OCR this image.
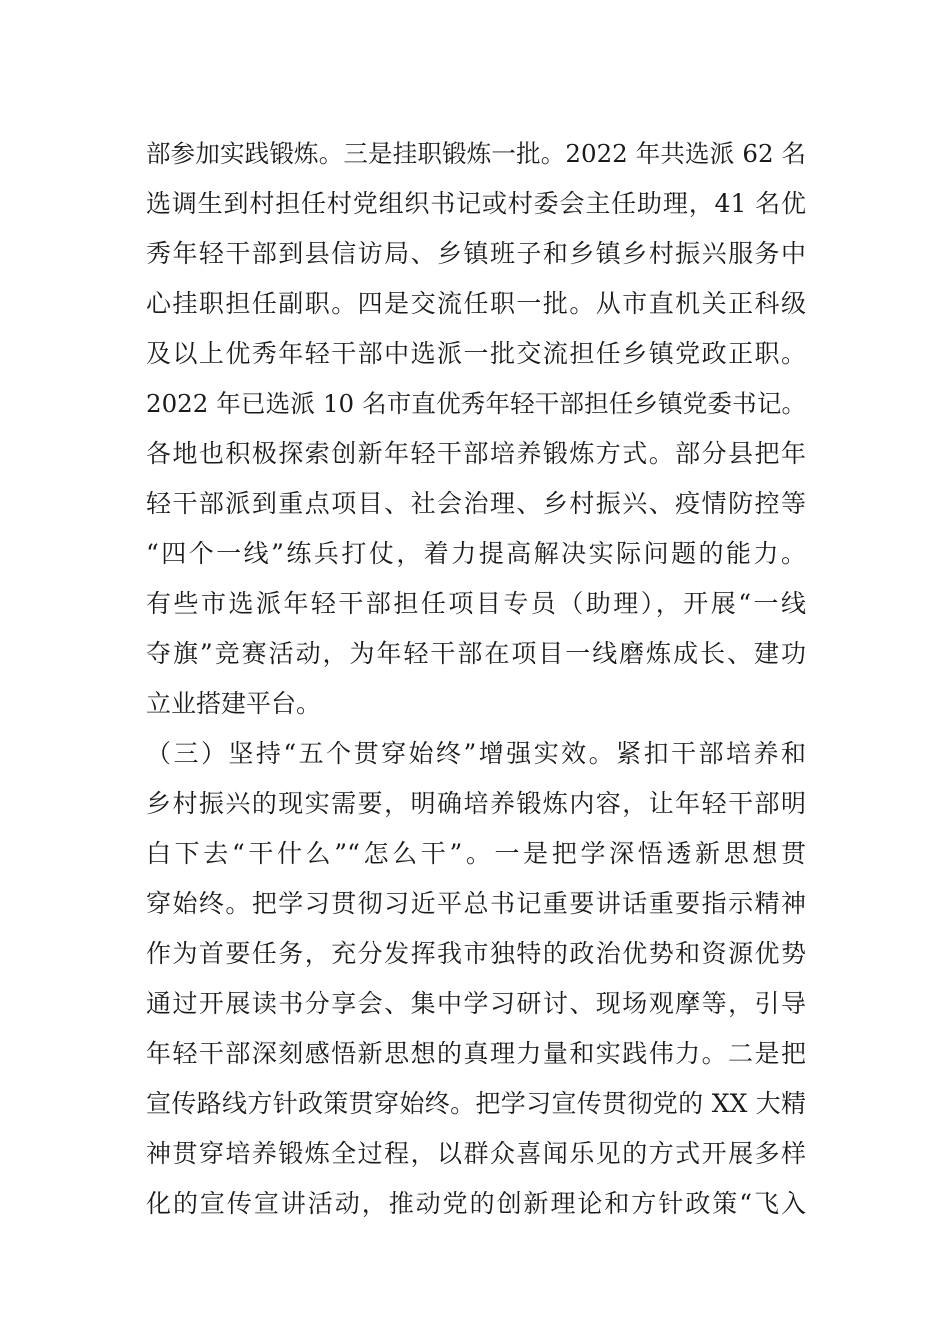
部参加实践锻炼。三是挂职锻炼一批。2022 年共选派 62 名
选调生到村担任村党组织书记或村委会主任助理，41 名优
秀年轻干部到县信访局、乡镇班子和乡镇乡村振兴服务中
心挂职担任副职。四是交流任职一批。从市直机关正科级
及以上优秀年轻干部中选派一批交流担任乡镇党政正职。
2022 年已选派 10 名市直优秀年轻干部担任乡镇党委书记。
各地也积极探索创新年轻干部培养锻炼方式。部分县把年
轻干部派到重点项目、社会治理、乡村振兴、疫情防控等
“四个一线”练兵打仗，着力提高解决实际问题的能力。
有些市选派年轻干部担任项目专员（助理），开展“一线
夺旗”竞赛活动，为年轻干部在项目一线磨炼成长、建功
立业搭建平台。
（三）坚持“五个贯穿始终”增强实效。紧扣干部培养和
乡村振兴的现实需要，明确培养锻炼内容，让年轻干部明
白下去“干什么”“怎么干”。一是把学深悟透新思想贯
穿始终。把学习贯彻习近平总书记重要讲话重要指示精神
作为首要任务，充分发挥我市独特的政治优势和资源优势
通过开展读书分享会、集中学习研讨、现场观摩等，引导
年轻干部深刻感悟新思想的真理力量和实践伟力。二是把
宣传路线方针政策贯穿始终。把学习宣传贯彻党的 XX 大精
神贯穿培养锻炼全过程，以群众喜闻乐见的方式开展多样
化的宣传宣讲活动，推动党的创新理论和方针政策“飞入
